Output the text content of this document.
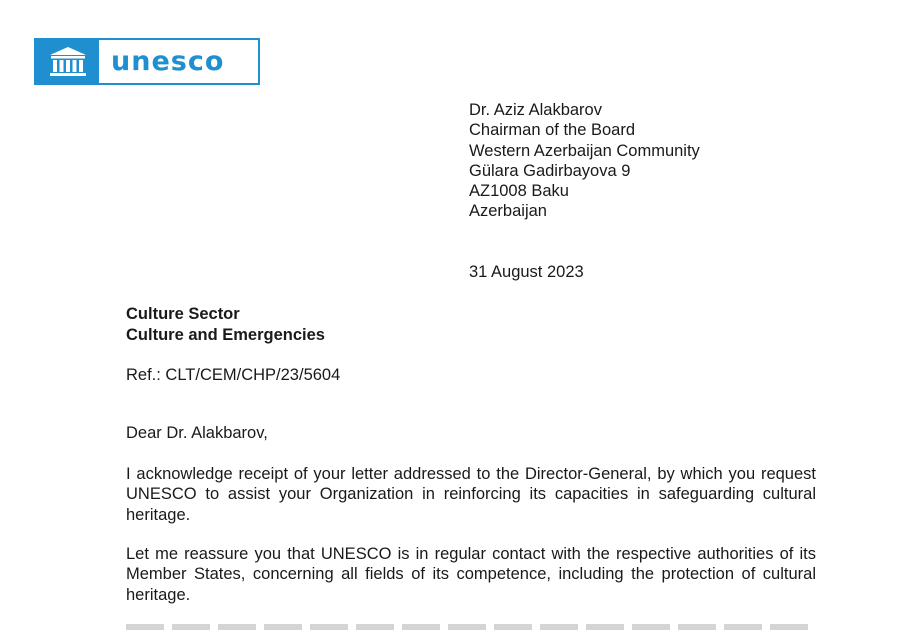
unesco
Dr. Aziz Alakbarov
Chairman of the Board
Western Azerbaijan Community
Gülara Gadirbayova 9
AZ1008 Baku
Azerbaijan
31 August 2023
Culture Sector
Culture and Emergencies
Ref.: CLT/CEM/CHP/23/5604
Dear Dr. Alakbarov,
I acknowledge receipt of your letter addressed to the Director-General, by which you request UNESCO to assist your Organization in reinforcing its capacities in safeguarding cultural heritage.
Let me reassure you that UNESCO is in regular contact with the respective authorities of its Member States, concerning all fields of its competence, including the protection of cultural heritage.
